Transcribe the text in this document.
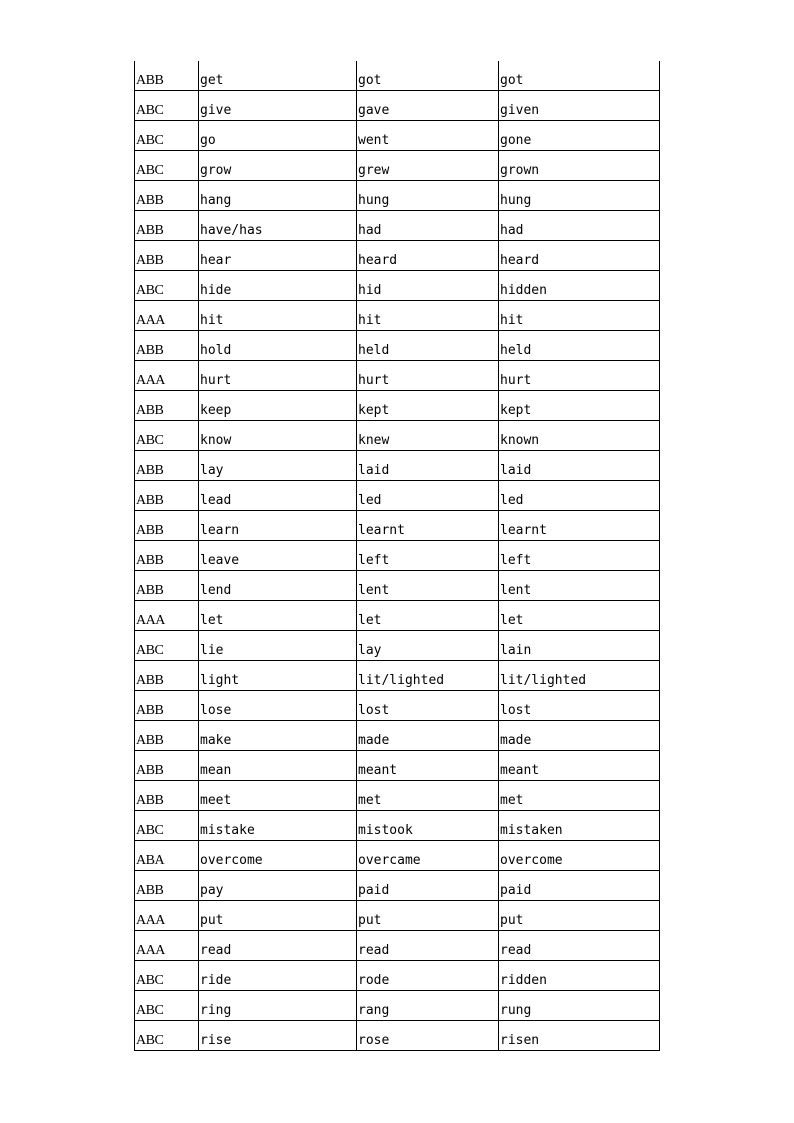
ABB	get	got	got
ABC	give	gave	given
ABC	go	went	gone
ABC	grow	grew	grown
ABB	hang	hung	hung
ABB	have/has	had	had
ABB	hear	heard	heard
ABC	hide	hid	hidden
AAA	hit	hit	hit
ABB	hold	held	held
AAA	hurt	hurt	hurt
ABB	keep	kept	kept
ABC	know	knew	known
ABB	lay	laid	laid
ABB	lead	led	led
ABB	learn	learnt	learnt
ABB	leave	left	left
ABB	lend	lent	lent
AAA	let	let	let
ABC	lie	lay	lain
ABB	light	lit/lighted	lit/lighted
ABB	lose	lost	lost
ABB	make	made	made
ABB	mean	meant	meant
ABB	meet	met	met
ABC	mistake	mistook	mistaken
ABA	overcome	overcame	overcome
ABB	pay	paid	paid
AAA	put	put	put
AAA	read	read	read
ABC	ride	rode	ridden
ABC	ring	rang	rung
ABC	rise	rose	risen
